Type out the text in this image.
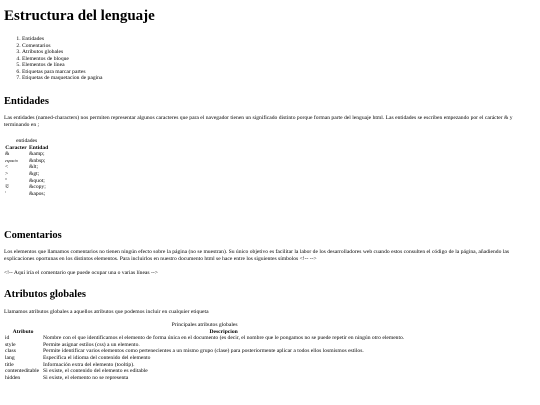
Estructura del lenguaje
1. Entidades
2. Comentarios
3. Atributos globales
4. Elementos de bloque
5. Elementos de línea
6. Etiquetas para marcar partes
7. Etiquetas de maquetacion de pagina
Entidades

Las entidades (named-characters) nos permiten representar algunos caracteres que para el navegador tienen un significado distinto porque forman parte del lenguaje html. Las entidades se escriben empezando por el carácter & y terminando en ;

entidades
Caracter	Entidad
&	&amp;
espacio	&nbsp;
<	&lt;
>	&gt;
"	&quot;
©	&copy;
'	&apos;
Comentarios

Los elementos que llamamos comentarios no tienen ningún efecto sobre la página (no se muestran). Su único objetivo es facilitar la labor de los desarrolladores web cuando estos consulten el código de la página, añadiendo las explicaciones oportunas en los distintos elementos. Para incluirlos en nuestro documento html se hace entre los siguientes símbolos <!-- -->

<!-- Aquí iría el comentario que puede ocupar una o varias líneas -->

Atributos globales

Llamamos atributos globales a aquellos atributos que podemos incluir en cualquier etiqueta

Principales atributos globales
Atributo	Descripcion
id	Nombre con el que identificamos el elemento de forma única en el documento (es decir, el nombre que le pongamos no se puede repetir en ningún otro elemento.
style	Permite asignar estilos (css) a un elemento.
class	Permite identificar varios elementos como pertenecientes a un mismo grupo (clase) para posteriormente aplicar a todos ellos losmismos estilos.
lang	Especifica el idioma del contenido del elemento
title	Información extra del elemento (tooltip).
contenteditable	Si existe, el contenido del elemento es editable
hidden	Si existe, el elemento no se representa
